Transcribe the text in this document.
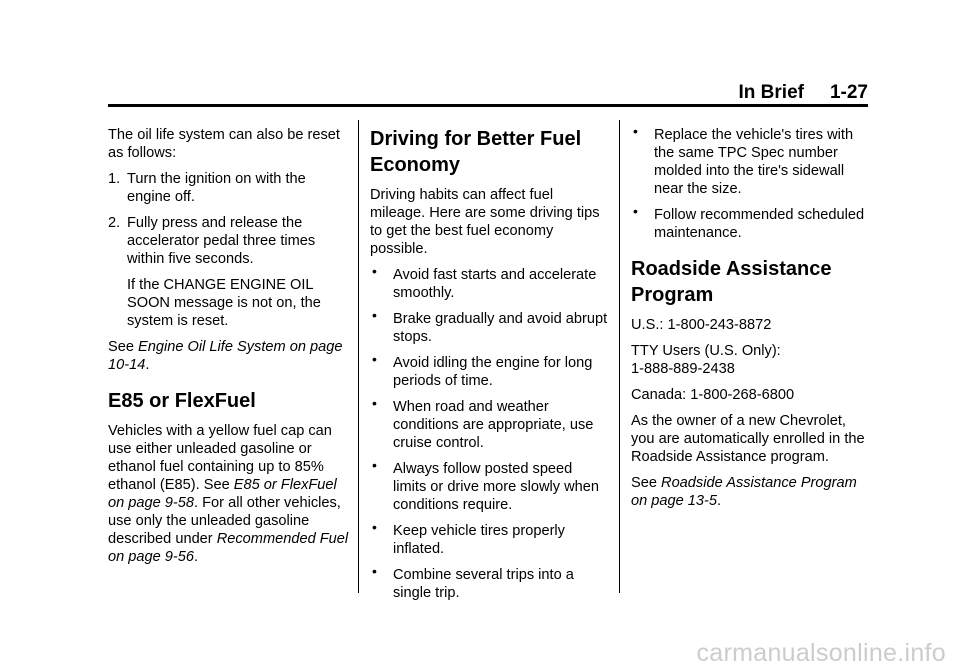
In Brief 1-27

The oil life system can also be reset as follows:

1. Turn the ignition on with the engine off.
2. Fully press and release the accelerator pedal three times within five seconds.

If the CHANGE ENGINE OIL SOON message is not on, the system is reset.

See Engine Oil Life System on page 10-14.

E85 or FlexFuel

Vehicles with a yellow fuel cap can use either unleaded gasoline or ethanol fuel containing up to 85% ethanol (E85). See E85 or FlexFuel on page 9-58. For all other vehicles, use only the unleaded gasoline described under Recommended Fuel on page 9-56.

Driving for Better Fuel Economy

Driving habits can affect fuel mileage. Here are some driving tips to get the best fuel economy possible.

• Avoid fast starts and accelerate smoothly.
• Brake gradually and avoid abrupt stops.
• Avoid idling the engine for long periods of time.
• When road and weather conditions are appropriate, use cruise control.
• Always follow posted speed limits or drive more slowly when conditions require.
• Keep vehicle tires properly inflated.
• Combine several trips into a single trip.
• Replace the vehicle's tires with the same TPC Spec number molded into the tire's sidewall near the size.
• Follow recommended scheduled maintenance.
Roadside Assistance Program

U.S.: 1-800-243-8872

TTY Users (U.S. Only):
1-888-889-2438

Canada: 1-800-268-6800

As the owner of a new Chevrolet, you are automatically enrolled in the Roadside Assistance program.

See Roadside Assistance Program on page 13-5.

carmanualsonline.info
